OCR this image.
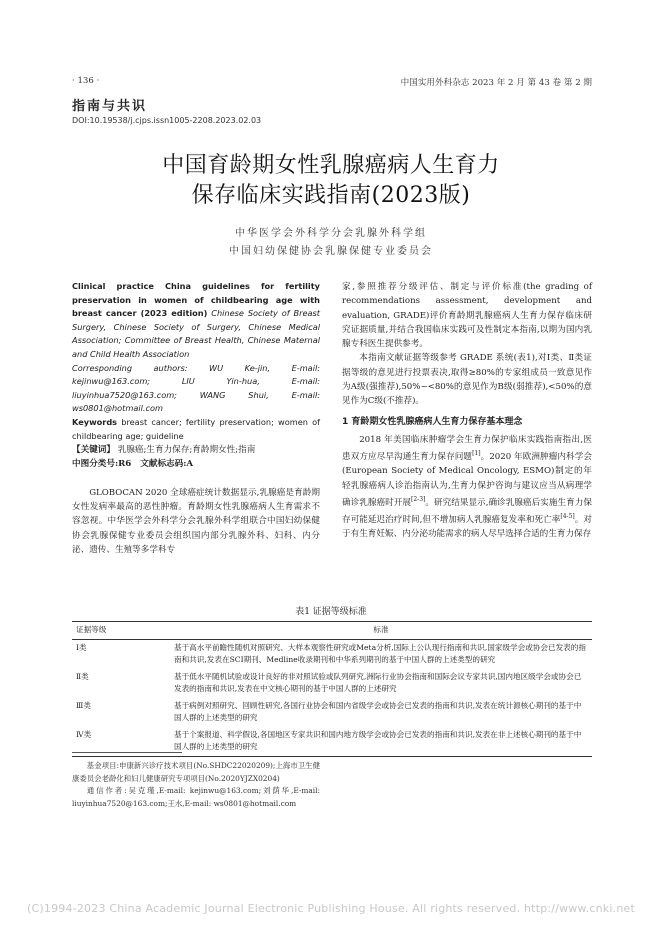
· 136 ·	中国实用外科杂志 2023 年 2 月 第 43 卷 第 2 期
指南与共识
DOI:10.19538/j.cjps.issn1005-2208.2023.02.03
中国育龄期女性乳腺癌病人生育力
保存临床实践指南(2023版)
中华医学会外科学分会乳腺外科学组
中国妇幼保健协会乳腺保健专业委员会

Clinical practice China guidelines for fertility preservation in women of childbearing age with breast cancer (2023 edition) Chinese Society of Breast Surgery, Chinese Society of Surgery, Chinese Medical Association; Committee of Breast Health, Chinese Maternal and Child Health Association

Corresponding authors: WU Ke-jin, E-mail: kejinwu@163.com; LIU Yin-hua, E-mail: liuyinhua7520@163.com; WANG Shui, E-mail: ws0801@hotmail.com

Keywords breast cancer; fertility preservation; women of childbearing age; guideline

【关键词】 乳腺癌;生育力保存;育龄期女性;指南

中图分类号:R6 文献标志码:A

GLOBOCAN 2020 全球癌症统计数据显示,乳腺癌是育龄期女性发病率最高的恶性肿瘤。育龄期女性乳腺癌病人生育需求不容忽视。中华医学会外科学分会乳腺外科学组联合中国妇幼保健协会乳腺保健专业委员会组织国内部分乳腺外科、妇科、内分泌、遗传、生殖等多学科专

家,参照推荐分级评估、制定与评价标准(the grading of recommendations assessment, development and evaluation, GRADE)评价育龄期乳腺癌病人生育力保存临床研究证据质量,并结合我国临床实践可及性制定本指南,以期为国内乳腺专科医生提供参考。

本指南文献证据等级参考 GRADE 系统(表1),对Ⅰ类、Ⅱ类证据等级的意见进行投票表决,取得≥80%的专家组成员一致意见作为A级(强推荐),50%~<80%的意见作为B级(弱推荐),<50%的意见作为C级(不推荐)。

1 育龄期女性乳腺癌病人生育力保存基本理念

2018 年美国临床肿瘤学会生育力保护临床实践指南指出,医患双方应尽早沟通生育力保存问题[1]。2020 年欧洲肿瘤内科学会(European Society of Medical Oncology, ESMO)制定的年轻乳腺癌病人诊治指南认为,生育力保护咨询与建议应当从病理学确诊乳腺癌时开展[2-3]。研究结果显示,确诊乳腺癌后实施生育力保存可能延迟治疗时间,但不增加病人乳腺癌复发率和死亡率[4-5]。对于有生育妊娠、内分泌功能需求的病人尽早选择合适的生育力保存

表1 证据等级标准
证据等级	标准
Ⅰ类	基于高水平前瞻性随机对照研究、大样本观察性研究或Meta分析,国际上公认现行指南和共识,国家级学会或协会已发表的指南和共识,发表在SCI期刊、Medline收录期刊和中华系列期刊的基于中国人群的上述类型的研究
Ⅱ类	基于低水平随机试验或设计良好的非对照试验或队列研究,洲际行业协会指南和国际会议专家共识,国内地区级学会或协会已发表的指南和共识,发表在中文核心期刊的基于中国人群的上述研究
Ⅲ类	基于病例对照研究、回顾性研究,各国行业协会和国内省级学会或协会已发表的指南和共识,发表在统计源核心期刊的基于中国人群的上述类型的研究
Ⅳ类	基于个案报道、科学假设,各国地区专家共识和国内地方级学会或协会已发表的指南和共识,发表在非上述核心期刊的基于中国人群的上述类型的研究

基金项目:申康新兴诊疗技术项目(No.SHDC22020209);上海市卫生健康委员会老龄化和妇儿健康研究专项项目(No.2020YJZX0204)

通信作者:吴克瑾,E-mail: kejinwu@163.com;刘荫华,E-mail: liuyinhua7520@163.com;王水,E-mail: ws0801@hotmail.com

(C)1994-2023 China Academic Journal Electronic Publishing House. All rights reserved. http://www.cnki.net
